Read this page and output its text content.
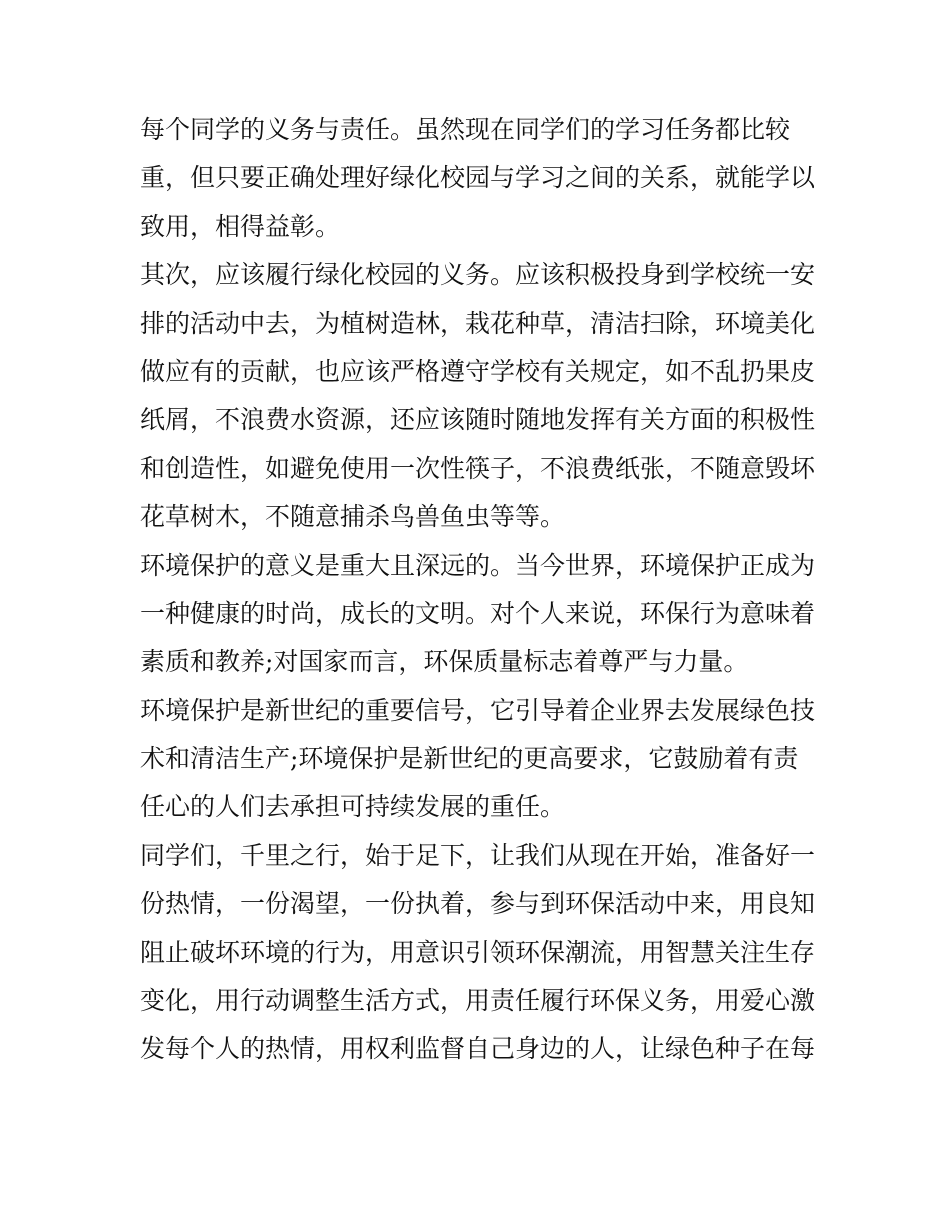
每个同学的义务与责任。虽然现在同学们的学习任务都比较
重，但只要正确处理好绿化校园与学习之间的关系，就能学以
致用，相得益彰。
其次，应该履行绿化校园的义务。应该积极投身到学校统一安
排的活动中去，为植树造林，栽花种草，清洁扫除，环境美化
做应有的贡献，也应该严格遵守学校有关规定，如不乱扔果皮
纸屑，不浪费水资源，还应该随时随地发挥有关方面的积极性
和创造性，如避免使用一次性筷子，不浪费纸张，不随意毁坏
花草树木，不随意捕杀鸟兽鱼虫等等。
环境保护的意义是重大且深远的。当今世界，环境保护正成为
一种健康的时尚，成长的文明。对个人来说，环保行为意味着
素质和教养;对国家而言，环保质量标志着尊严与力量。
环境保护是新世纪的重要信号，它引导着企业界去发展绿色技
术和清洁生产;环境保护是新世纪的更高要求，它鼓励着有责
任心的人们去承担可持续发展的重任。
同学们，千里之行，始于足下，让我们从现在开始，准备好一
份热情，一份渴望，一份执着，参与到环保活动中来，用良知
阻止破坏环境的行为，用意识引领环保潮流，用智慧关注生存
变化，用行动调整生活方式，用责任履行环保义务，用爱心激
发每个人的热情，用权利监督自己身边的人，让绿色种子在每
